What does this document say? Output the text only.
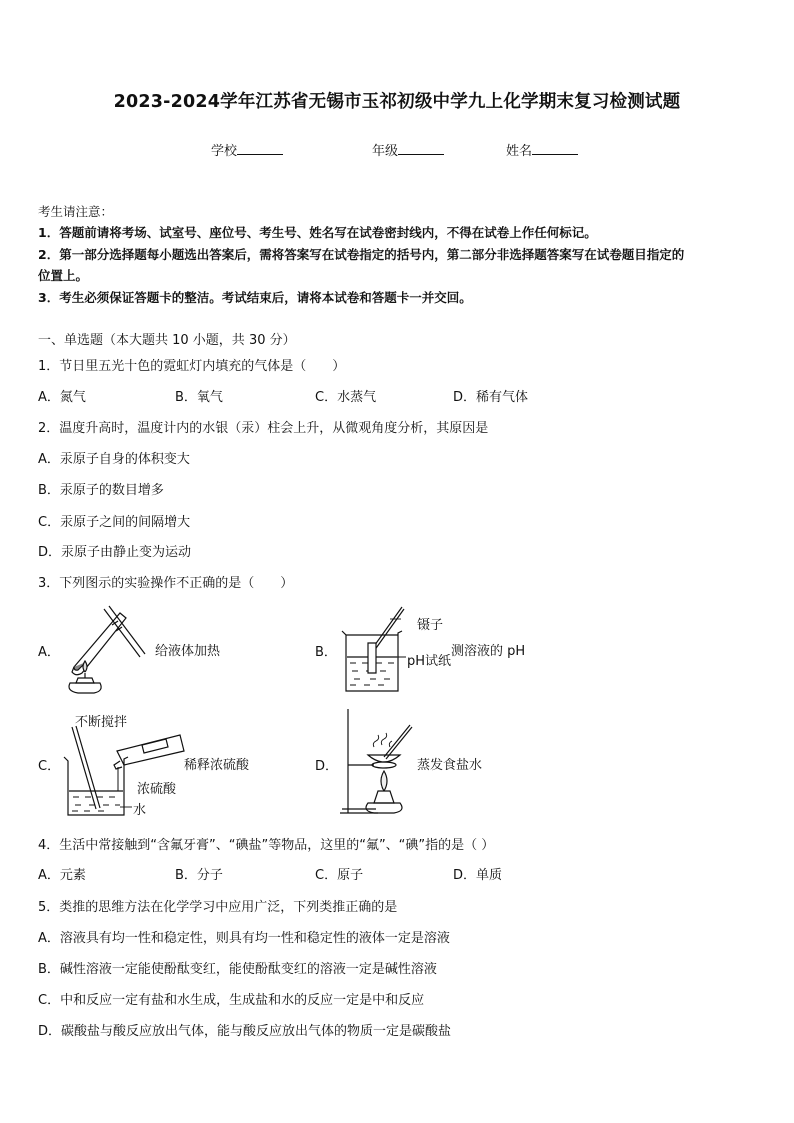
2023-2024学年江苏省无锡市玉祁初级中学九上化学期末复习检测试题
学校	年级	姓名
考生请注意：
1．答题前请将考场、试室号、座位号、考生号、姓名写在试卷密封线内，不得在试卷上作任何标记。
2．第一部分选择题每小题选出答案后，需将答案写在试卷指定的括号内，第二部分非选择题答案写在试卷题目指定的
位置上。
3．考生必须保证答题卡的整洁。考试结束后，请将本试卷和答题卡一并交回。
一、单选题（本大题共 10 小题，共 30 分）
1．节日里五光十色的霓虹灯内填充的气体是（　　）
A．氮气	B．氧气	C．水蒸气	D．稀有气体
2．温度升高时，温度计内的水银（汞）柱会上升，从微观角度分析，其原因是
A．汞原子自身的体积变大
B．汞原子的数目增多
C．汞原子之间的间隔增大
D．汞原子由静止变为运动
3．下列图示的实验操作不正确的是（　　）
A．	给液体加热	B．
镊子
pH试纸
测溶液的 pH
C．
不断搅拌
稀释浓硫酸
浓硫酸
水
D．	蒸发食盐水
4．生活中常接触到“含氟牙膏”、“碘盐”等物品，这里的“氟”、“碘”指的是（ ）
A．元素	B．分子	C．原子	D．单质
5．类推的思维方法在化学学习中应用广泛，下列类推正确的是
A．溶液具有均一性和稳定性，则具有均一性和稳定性的液体一定是溶液
B．碱性溶液一定能使酚酞变红，能使酚酞变红的溶液一定是碱性溶液
C．中和反应一定有盐和水生成，生成盐和水的反应一定是中和反应
D．碳酸盐与酸反应放出气体，能与酸反应放出气体的物质一定是碳酸盐
